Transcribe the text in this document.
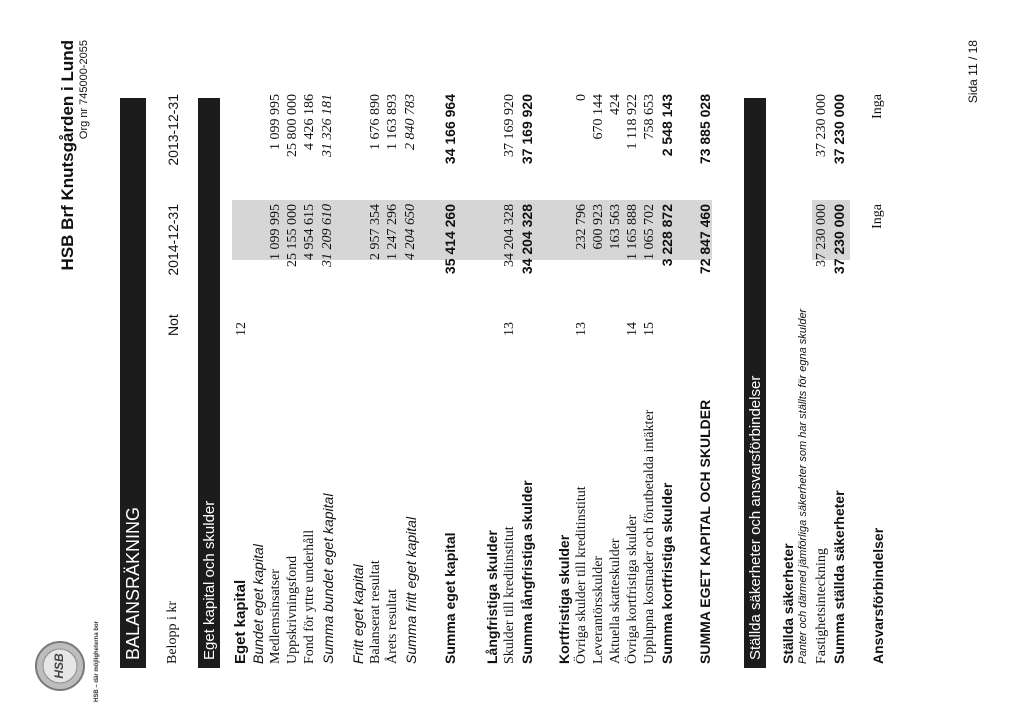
HSB	HSB – där möjligheterna bor
HSB Brf Knutsgården i Lund Org nr 745000-2055
BALANSRÄKNING Belopp i kr
Not
2014-12-31
2013-12-31
Eget kapital och skulder Eget kapital
12
Bundet eget kapital Medlemsinsatser
1 099 995
1 099 995
Uppskrivningsfond
25 155 000
25 800 000
Fond för yttre underhåll
4 954 615
4 426 186
Summa bundet eget kapital
31 209 610
31 326 181
Fritt eget kapital Balanserat resultat
2 957 354
1 676 890
Årets resultat
1 247 296
1 163 893
Summa fritt eget kapital
4 204 650
2 840 783
Summa eget kapital
35 414 260
34 166 964
Långfristiga skulder Skulder till kreditinstitut
13
34 204 328
37 169 920
Summa långfristiga skulder
34 204 328
37 169 920
Kortfristiga skulder Övriga skulder till kreditinstitut
13
232 796
0
Leverantörsskulder
600 923
670 144
Aktuella skatteskulder
163 563
424
Övriga kortfristiga skulder
14
1 165 888
1 118 922
Upplupna kostnader och förutbetalda intäkter
15
1 065 702
758 653
Summa kortfristiga skulder
3 228 872
2 548 143
SUMMA EGET KAPITAL OCH SKULDER
72 847 460
73 885 028
Ställda säkerheter och ansvarsförbindelser Ställda säkerheter Panter och därmed jämförliga säkerheter som har ställts för egna skulder Fastighetsinteckning
37 230 000
37 230 000
Summa ställda säkerheter
37 230 000
37 230 000
Ansvarsförbindelser
Inga
Inga
Sida 11 / 18
